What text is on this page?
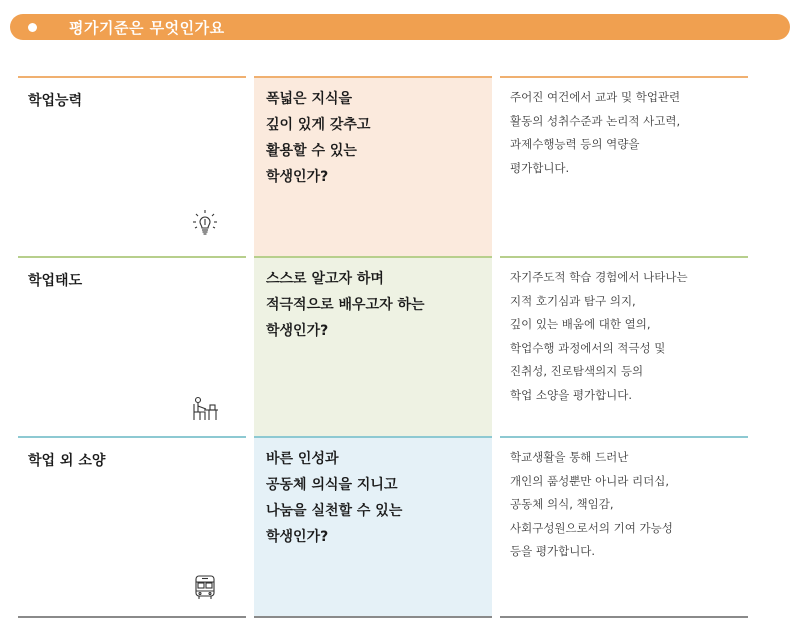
평가기준은 무엇인가요
학업능력	폭넓은 지식을
깊이 있게 갖추고
활용할 수 있는
학생인가?
주어진 여건에서 교과 및 학업관련
활동의 성취수준과 논리적 사고력,
과제수행능력 등의 역량을
평가합니다.
학업태도	스스로 알고자 하며
적극적으로 배우고자 하는
학생인가?
자기주도적 학습 경험에서 나타나는
지적 호기심과 탐구 의지,
깊이 있는 배움에 대한 열의,
학업수행 과정에서의 적극성 및
진취성, 진로탐색의지 등의
학업 소양을 평가합니다.
학업 외 소양	바른 인성과
공동체 의식을 지니고
나눔을 실천할 수 있는
학생인가?
학교생활을 통해 드러난
개인의 품성뿐만 아니라 리더십,
공동체 의식, 책임감,
사회구성원으로서의 기여 가능성
등을 평가합니다.
